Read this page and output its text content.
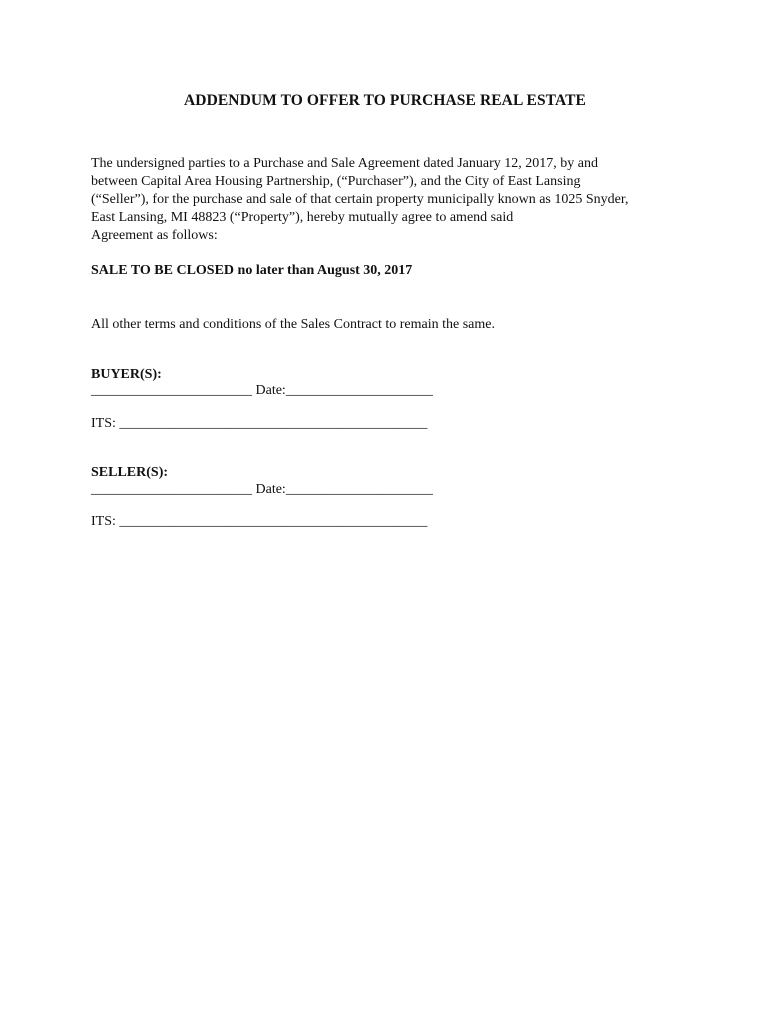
ADDENDUM TO OFFER TO PURCHASE REAL ESTATE

The undersigned parties to a Purchase and Sale Agreement dated January 12, 2017, by and

between Capital Area Housing Partnership, (“Purchaser”), and the City of East Lansing

(“Seller”), for the purchase and sale of that certain property municipally known as 1025 Snyder,

East Lansing, MI 48823 (“Property”), hereby mutually agree to amend said

Agreement as follows:

SALE TO BE CLOSED no later than August 30, 2017

All other terms and conditions of the Sales Contract to remain the same.

BUYER(S):

_______________________ Date:_____________________

ITS: ____________________________________________

SELLER(S):

_______________________ Date:_____________________

ITS: ____________________________________________
